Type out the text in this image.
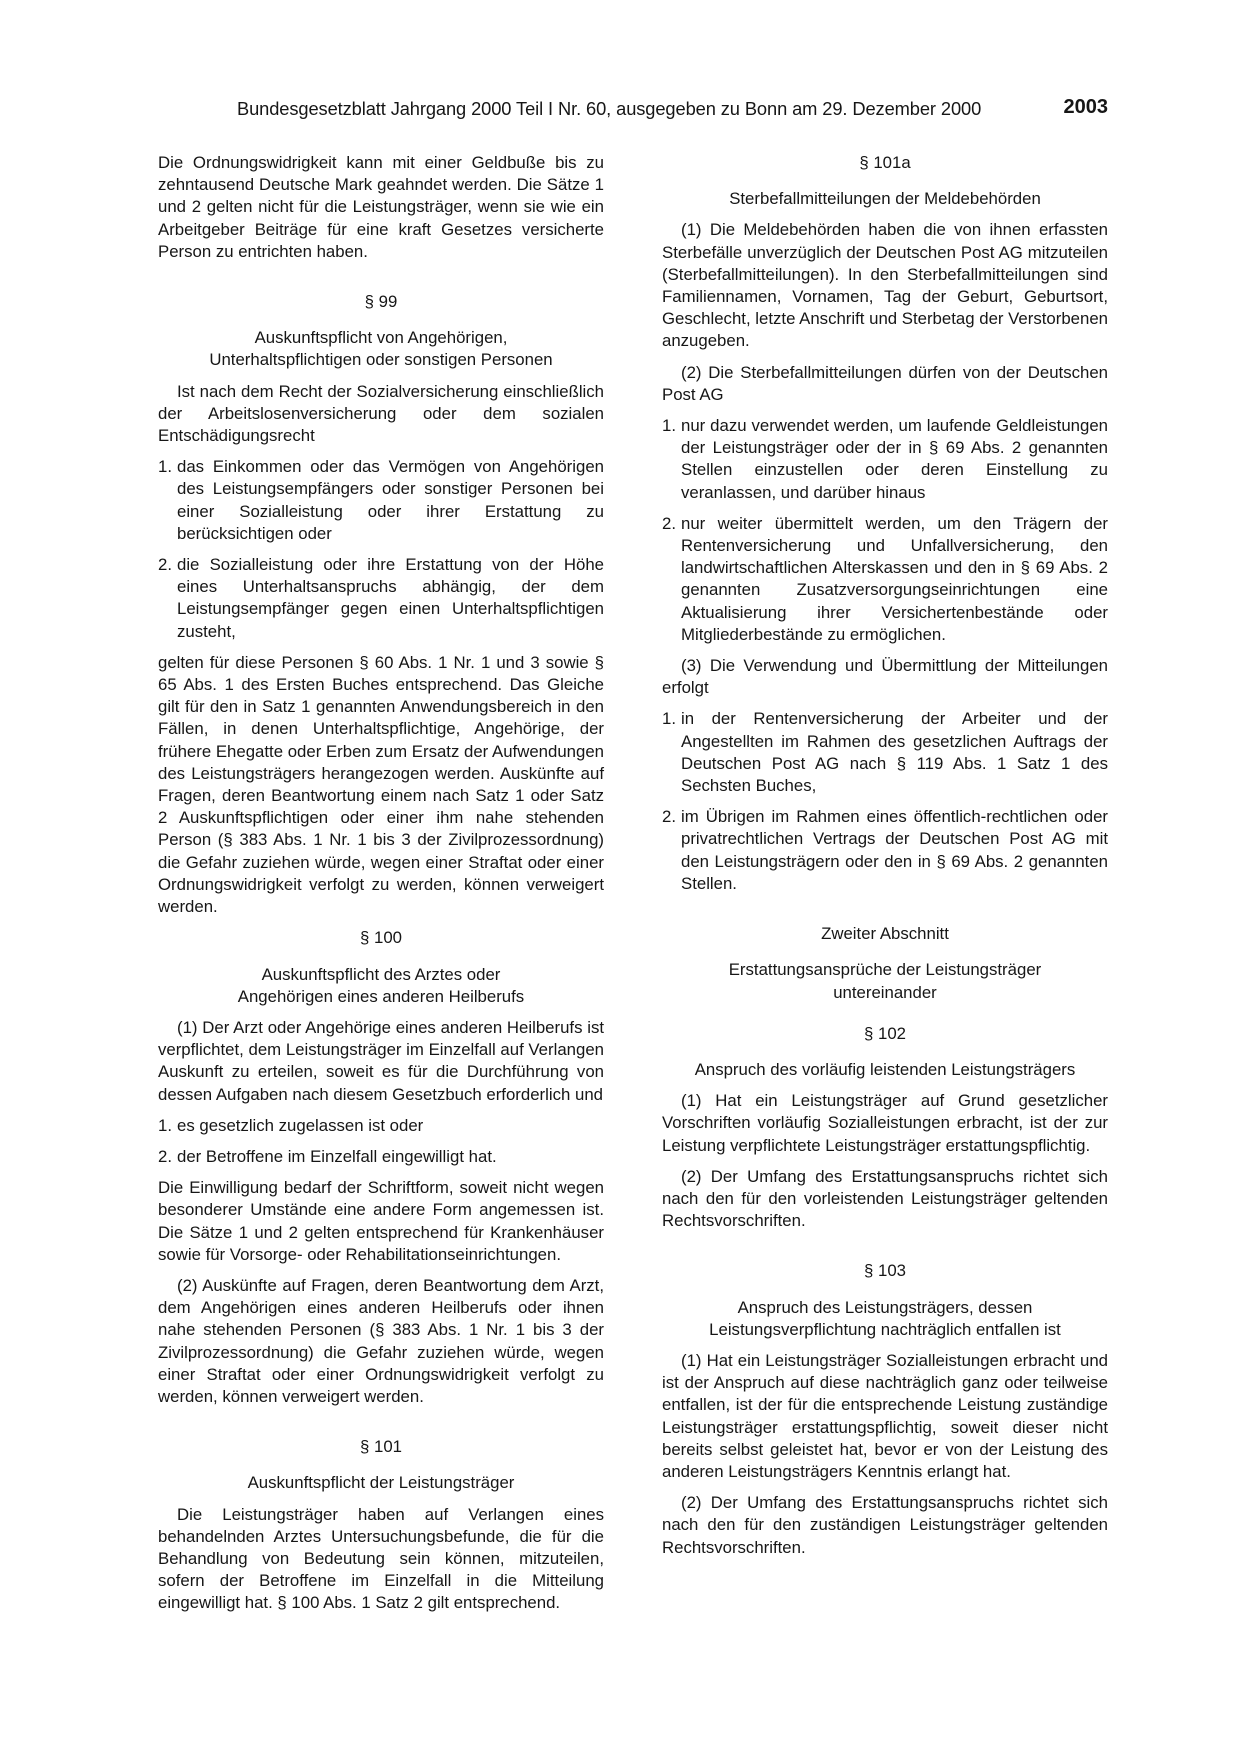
Bundesgesetzblatt Jahrgang 2000 Teil I Nr. 60, ausgegeben zu Bonn am 29. Dezember 2000	2003

Die Ordnungswidrigkeit kann mit einer Geldbuße bis zu zehntausend Deutsche Mark geahndet werden. Die Sätze 1 und 2 gelten nicht für die Leistungsträger, wenn sie wie ein Arbeitgeber Beiträge für eine kraft Gesetzes versicherte Person zu entrichten haben.

§ 99
Auskunftspflicht von Angehörigen,
Unterhaltspflichtigen oder sonstigen Personen

Ist nach dem Recht der Sozialversicherung einschließlich der Arbeitslosenversicherung oder dem sozialen Entschädigungsrecht

1. das Einkommen oder das Vermögen von Angehörigen des Leistungsempfängers oder sonstiger Personen bei einer Sozialleistung oder ihrer Erstattung zu berücksichtigen oder
2. die Sozialleistung oder ihre Erstattung von der Höhe eines Unterhaltsanspruchs abhängig, der dem Leistungsempfänger gegen einen Unterhaltspflichtigen zusteht,

gelten für diese Personen § 60 Abs. 1 Nr. 1 und 3 sowie § 65 Abs. 1 des Ersten Buches entsprechend. Das Gleiche gilt für den in Satz 1 genannten Anwendungsbereich in den Fällen, in denen Unterhaltspflichtige, Angehörige, der frühere Ehegatte oder Erben zum Ersatz der Aufwendungen des Leistungsträgers herangezogen werden. Auskünfte auf Fragen, deren Beantwortung einem nach Satz 1 oder Satz 2 Auskunftspflichtigen oder einer ihm nahe stehenden Person (§ 383 Abs. 1 Nr. 1 bis 3 der Zivilprozessordnung) die Gefahr zuziehen würde, wegen einer Straftat oder einer Ordnungswidrigkeit verfolgt zu werden, können verweigert werden.

§ 100
Auskunftspflicht des Arztes oder
Angehörigen eines anderen Heilberufs

(1) Der Arzt oder Angehörige eines anderen Heilberufs ist verpflichtet, dem Leistungsträger im Einzelfall auf Verlangen Auskunft zu erteilen, soweit es für die Durchführung von dessen Aufgaben nach diesem Gesetzbuch erforderlich und

1. es gesetzlich zugelassen ist oder
2. der Betroffene im Einzelfall eingewilligt hat.

Die Einwilligung bedarf der Schriftform, soweit nicht wegen besonderer Umstände eine andere Form angemessen ist. Die Sätze 1 und 2 gelten entsprechend für Krankenhäuser sowie für Vorsorge- oder Rehabilitationseinrichtungen.

(2) Auskünfte auf Fragen, deren Beantwortung dem Arzt, dem Angehörigen eines anderen Heilberufs oder ihnen nahe stehenden Personen (§ 383 Abs. 1 Nr. 1 bis 3 der Zivilprozessordnung) die Gefahr zuziehen würde, wegen einer Straftat oder einer Ordnungswidrigkeit verfolgt zu werden, können verweigert werden.

§ 101
Auskunftspflicht der Leistungsträger

Die Leistungsträger haben auf Verlangen eines behandelnden Arztes Untersuchungsbefunde, die für die Behandlung von Bedeutung sein können, mitzuteilen, sofern der Betroffene im Einzelfall in die Mitteilung eingewilligt hat. § 100 Abs. 1 Satz 2 gilt entsprechend.

§ 101a
Sterbefallmitteilungen der Meldebehörden

(1) Die Meldebehörden haben die von ihnen erfassten Sterbefälle unverzüglich der Deutschen Post AG mitzuteilen (Sterbefallmitteilungen). In den Sterbefallmitteilungen sind Familiennamen, Vornamen, Tag der Geburt, Geburtsort, Geschlecht, letzte Anschrift und Sterbetag der Verstorbenen anzugeben.

(2) Die Sterbefallmitteilungen dürfen von der Deutschen Post AG

1. nur dazu verwendet werden, um laufende Geldleistungen der Leistungsträger oder der in § 69 Abs. 2 genannten Stellen einzustellen oder deren Einstellung zu veranlassen, und darüber hinaus
2. nur weiter übermittelt werden, um den Trägern der Rentenversicherung und Unfallversicherung, den landwirtschaftlichen Alterskassen und den in § 69 Abs. 2 genannten Zusatzversorgungseinrichtungen eine Aktualisierung ihrer Versichertenbestände oder Mitgliederbestände zu ermöglichen.

(3) Die Verwendung und Übermittlung der Mitteilungen erfolgt

1. in der Rentenversicherung der Arbeiter und der Angestellten im Rahmen des gesetzlichen Auftrags der Deutschen Post AG nach § 119 Abs. 1 Satz 1 des Sechsten Buches,
2. im Übrigen im Rahmen eines öffentlich-rechtlichen oder privatrechtlichen Vertrags der Deutschen Post AG mit den Leistungsträgern oder den in § 69 Abs. 2 genannten Stellen.
Zweiter Abschnitt
Erstattungsansprüche der Leistungsträger
untereinander
§ 102
Anspruch des vorläufig leistenden Leistungsträgers

(1) Hat ein Leistungsträger auf Grund gesetzlicher Vorschriften vorläufig Sozialleistungen erbracht, ist der zur Leistung verpflichtete Leistungsträger erstattungspflichtig.

(2) Der Umfang des Erstattungsanspruchs richtet sich nach den für den vorleistenden Leistungsträger geltenden Rechtsvorschriften.

§ 103
Anspruch des Leistungsträgers, dessen
Leistungsverpflichtung nachträglich entfallen ist

(1) Hat ein Leistungsträger Sozialleistungen erbracht und ist der Anspruch auf diese nachträglich ganz oder teilweise entfallen, ist der für die entsprechende Leistung zuständige Leistungsträger erstattungspflichtig, soweit dieser nicht bereits selbst geleistet hat, bevor er von der Leistung des anderen Leistungsträgers Kenntnis erlangt hat.

(2) Der Umfang des Erstattungsanspruchs richtet sich nach den für den zuständigen Leistungsträger geltenden Rechtsvorschriften.
